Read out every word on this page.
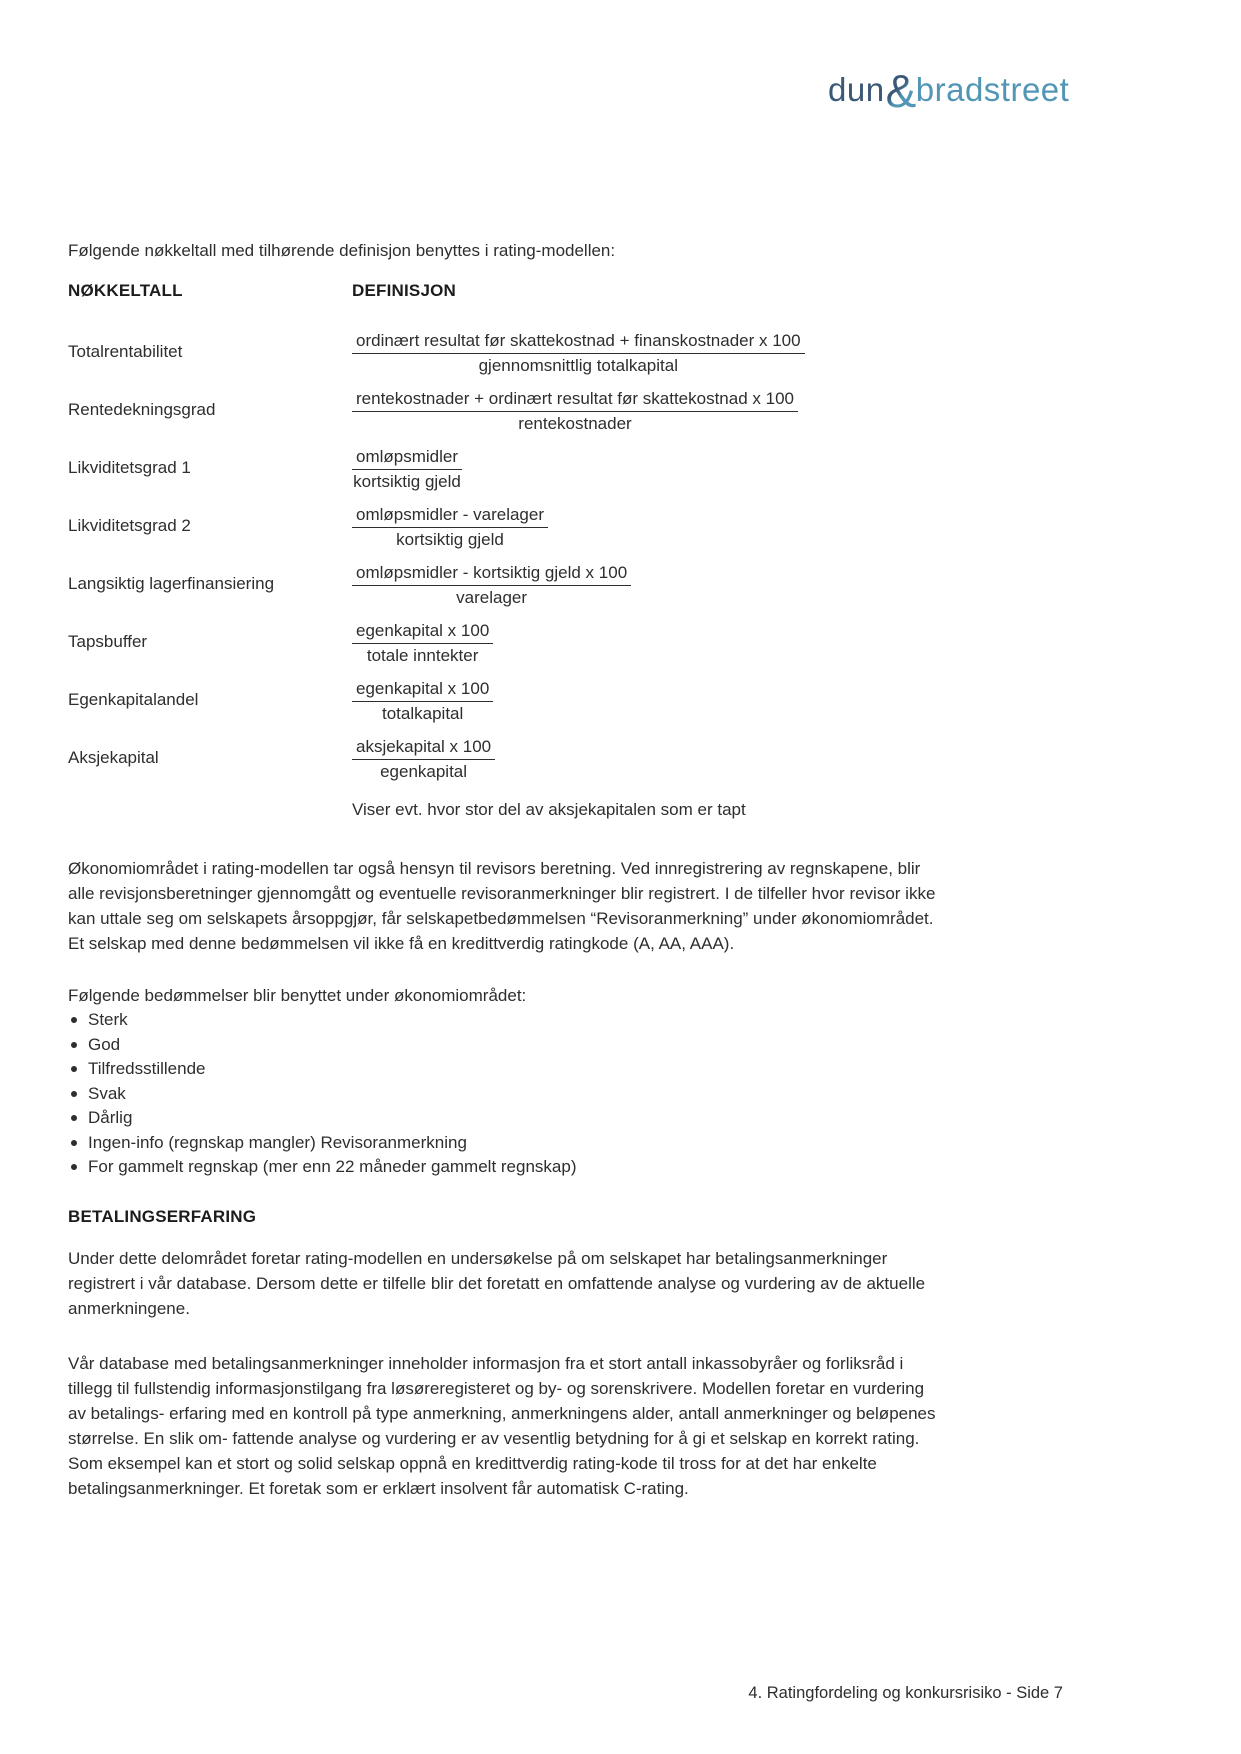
dun&bradstreet

Følgende nøkkeltall med tilhørende definisjon benyttes i rating-modellen:

NØKKELTALL	DEFINISJON
Totalrentabilitet	$\frac{\text{ordinært resultat før skattekostnad + finanskostnader x 100}}{\text{gjennomsnittlig totalkapital}}$
Rentedekningsgrad	$\frac{\text{rentekostnader + ordinært resultat før skattekostnad x 100}}{\text{rentekostnader}}$
Likviditetsgrad 1	$\frac{\text{omløpsmidler}}{\text{kortsiktig gjeld}}$
Likviditetsgrad 2	$\frac{\text{omløpsmidler - varelager}}{\text{kortsiktig gjeld}}$
Langsiktig lagerfinansiering	$\frac{\text{omløpsmidler - kortsiktig gjeld x 100}}{\text{varelager}}$
Tapsbuffer	$\frac{\text{egenkapital x 100}}{\text{totale inntekter}}$
Egenkapitalandel	$\frac{\text{egenkapital x 100}}{\text{totalkapital}}$
Aksjekapital	$\frac{\text{aksjekapital x 100}}{\text{egenkapital}}$

Viser evt. hvor stor del av aksjekapitalen som er tapt

Økonomiområdet i rating-modellen tar også hensyn til revisors beretning. Ved innregistrering av regnskapene, blir alle revisjonsberetninger gjennomgått og eventuelle revisoranmerkninger blir registrert. I de tilfeller hvor revisor ikke kan uttale seg om selskapets årsoppgjør, får selskapetbedømmelsen “Revisoranmerkning” under økonomiområdet. Et selskap med denne bedømmelsen vil ikke få en kredittverdig ratingkode (A, AA, AAA).

Følgende bedømmelser blir benyttet under økonomiområdet:

Sterk
God
Tilfredsstillende
Svak
Dårlig
Ingen-info (regnskap mangler) Revisoranmerkning
For gammelt regnskap (mer enn 22 måneder gammelt regnskap)

BETALINGSERFARING

Under dette delområdet foretar rating-modellen en undersøkelse på om selskapet har betalingsanmerkninger registrert i vår database. Dersom dette er tilfelle blir det foretatt en omfattende analyse og vurdering av de aktuelle anmerkningene.

Vår database med betalingsanmerkninger inneholder informasjon fra et stort antall inkassobyråer og forliksråd i tillegg til fullstendig informasjonstilgang fra løsøreregisteret og by- og sorenskrivere. Modellen foretar en vurdering av betalings- erfaring med en kontroll på type anmerkning, anmerkningens alder, antall anmerkninger og beløpenes størrelse. En slik om- fattende analyse og vurdering er av vesentlig betydning for å gi et selskap en korrekt rating. Som eksempel kan et stort og solid selskap oppnå en kredittverdig rating-kode til tross for at det har enkelte betalingsanmerkninger. Et foretak som er erklært insolvent får automatisk C-rating.

4. Ratingfordeling og konkursrisiko - Side 7
